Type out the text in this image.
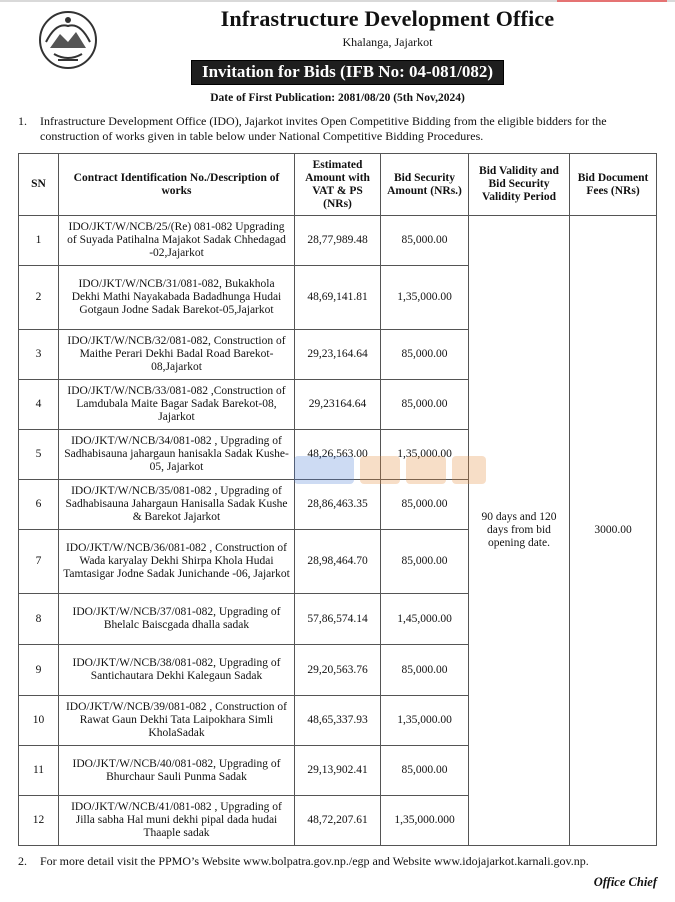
Infrastructure Development Office
Khalanga, Jajarkot
Invitation for Bids (IFB No: 04-081/082)
Date of First Publication: 2081/08/20 (5th Nov,2024)
1. Infrastructure Development Office (IDO), Jajarkot invites Open Competitive Bidding from the eligible bidders for the construction of works given in table below under National Competitive Bidding Procedures.
SN	Contract Identification No./Description of works	Estimated Amount with VAT & PS (NRs)	Bid Security Amount (NRs.)	Bid Validity and Bid Security Validity Period	Bid Document Fees (NRs)
1	IDO/JKT/W/NCB/25/(Re) 081-082 Upgrading of Suyada Patihalna Majakot Sadak Chhedagad -02,Jajarkot	28,77,989.48	85,000.00	90 days and 120 days from bid opening date.	3000.00
2	IDO/JKT/W/NCB/31/081-082, Bukakhola Dekhi Mathi Nayakabada Badadhunga Hudai Gotgaun Jodne Sadak Barekot-05,Jajarkot	48,69,141.81	1,35,000.00		
3	IDO/JKT/W/NCB/32/081-082, Construction of Maithe Perari Dekhi Badal Road Barekot-08,Jajarkot	29,23,164.64	85,000.00		
4	IDO/JKT/W/NCB/33/081-082 ,Construction of Lamdubala Maite Bagar Sadak Barekot-08, Jajarkot	29,23164.64	85,000.00		
5	IDO/JKT/W/NCB/34/081-082 , Upgrading of Sadhabisauna jahargaun hanisakla Sadak Kushe-05, Jajarkot	48,26,563.00	1,35,000.00		
6	IDO/JKT/W/NCB/35/081-082 , Upgrading of Sadhabisauna Jahargaun Hanisalla Sadak Kushe & Barekot Jajarkot	28,86,463.35	85,000.00		
7	IDO/JKT/W/NCB/36/081-082 , Construction of Wada karyalay Dekhi Shirpa Khola Hudai Tamtasigar Jodne Sadak Junichande -06, Jajarkot	28,98,464.70	85,000.00		
8	IDO/JKT/W/NCB/37/081-082, Upgrading of Bhelalc Baiscgada dhalla sadak	57,86,574.14	1,45,000.00		
9	IDO/JKT/W/NCB/38/081-082, Upgrading of Santichautara Dekhi Kalegaun Sadak	29,20,563.76	85,000.00		
10	IDO/JKT/W/NCB/39/081-082 , Construction of Rawat Gaun Dekhi Tata Laipokhara Simli KholaSadak	48,65,337.93	1,35,000.00		
11	IDO/JKT/W/NCB/40/081-082, Upgrading of Bhurchaur Sauli Punma Sadak	29,13,902.41	85,000.00		
12	IDO/JKT/W/NCB/41/081-082 , Upgrading of Jilla sabha Hal muni dekhi pipal dada hudai Thaaple sadak	48,72,207.61	1,35,000.000		
2. For more detail visit the PPMO’s Website www.bolpatra.gov.np./egp and Website www.idojajarkot.karnali.gov.np.
Office Chief
